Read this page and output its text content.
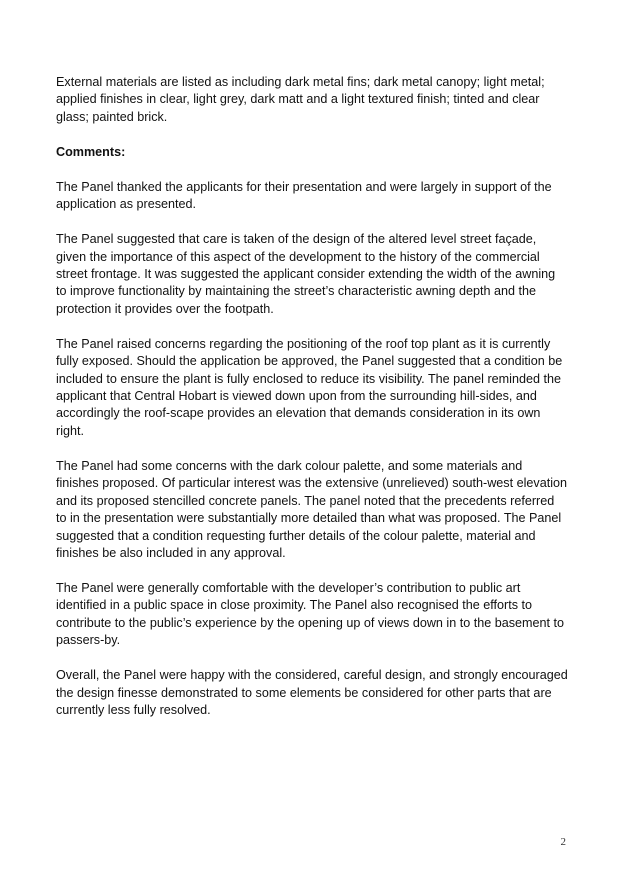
External materials are listed as including dark metal fins; dark metal canopy; light metal; applied finishes in clear, light grey, dark matt and a light textured finish; tinted and clear glass; painted brick.

Comments:

The Panel thanked the applicants for their presentation and were largely in support of the application as presented.

The Panel suggested that care is taken of the design of the altered level street façade, given the importance of this aspect of the development to the history of the commercial street frontage. It was suggested the applicant consider extending the width of the awning to improve functionality by maintaining the street’s characteristic awning depth and the protection it provides over the footpath.

The Panel raised concerns regarding the positioning of the roof top plant as it is currently fully exposed. Should the application be approved, the Panel suggested that a condition be included to ensure the plant is fully enclosed to reduce its visibility. The panel reminded the applicant that Central Hobart is viewed down upon from the surrounding hill-sides, and accordingly the roof-scape provides an elevation that demands consideration in its own right.

The Panel had some concerns with the dark colour palette, and some materials and finishes proposed. Of particular interest was the extensive (unrelieved) south-west elevation and its proposed stencilled concrete panels. The panel noted that the precedents referred to in the presentation were substantially more detailed than what was proposed. The Panel suggested that a condition requesting further details of the colour palette, material and finishes be also included in any approval.

The Panel were generally comfortable with the developer’s contribution to public art identified in a public space in close proximity. The Panel also recognised the efforts to contribute to the public’s experience by the opening up of views down in to the basement to passers-by.

Overall, the Panel were happy with the considered, careful design, and strongly encouraged the design finesse demonstrated to some elements be considered for other parts that are currently less fully resolved.

2
